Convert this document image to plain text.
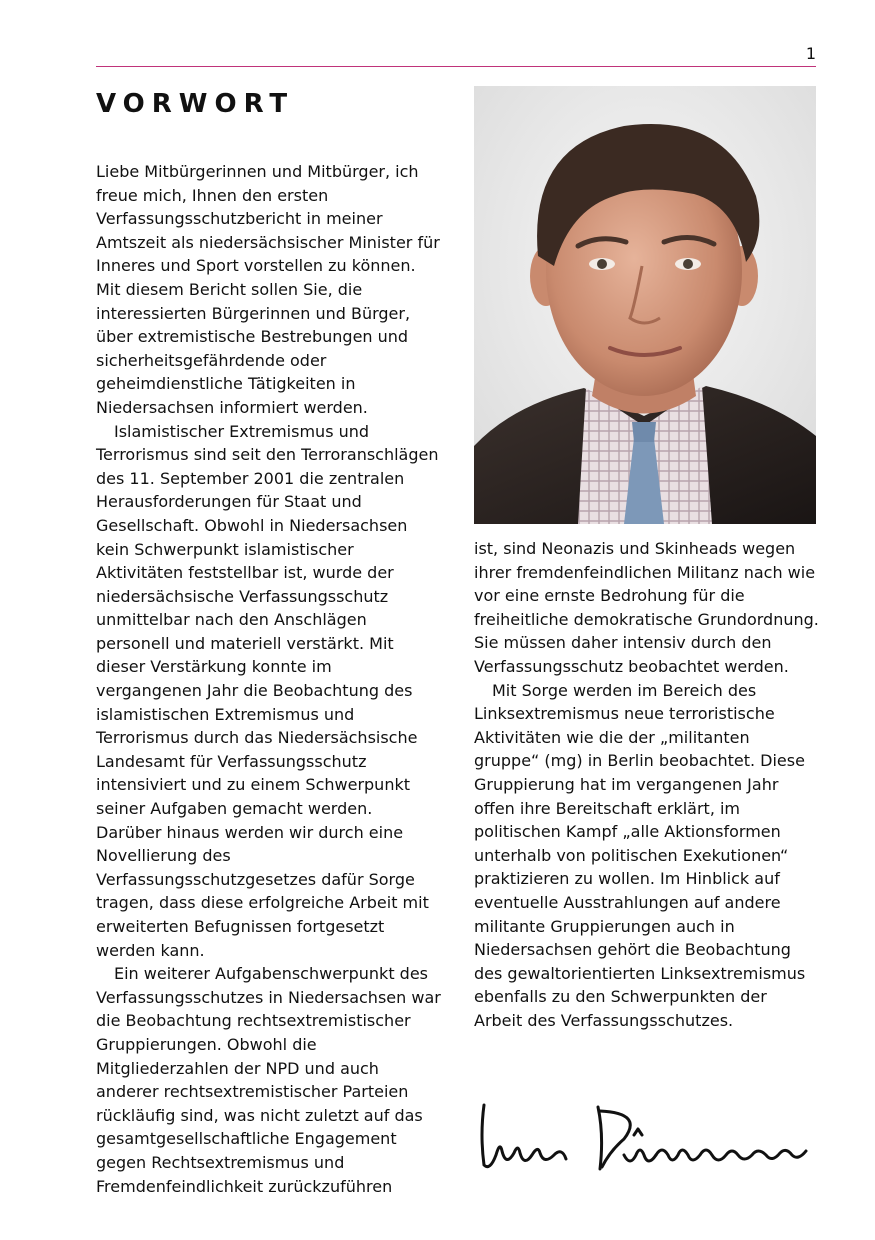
1
VORWORT

Liebe Mitbürgerinnen und Mitbürger, ich freue mich, Ihnen den ersten Verfassungsschutzbericht in meiner Amtszeit als niedersächsischer Minister für Inneres und Sport vorstellen zu können. Mit diesem Bericht sollen Sie, die interessierten Bürgerinnen und Bürger, über extremistische Bestrebungen und sicherheitsgefährdende oder geheimdienstliche Tätigkeiten in Niedersachsen informiert werden.

Islamistischer Extremismus und Terrorismus sind seit den Terroranschlägen des 11. September 2001 die zentralen Herausforderungen für Staat und Gesellschaft. Obwohl in Niedersachsen kein Schwerpunkt islamistischer Aktivitäten feststellbar ist, wurde der niedersächsische Verfassungsschutz unmittelbar nach den Anschlägen personell und materiell verstärkt. Mit dieser Verstärkung konnte im vergangenen Jahr die Beobachtung des islamistischen Extremismus und Terrorismus durch das Niedersächsische Landesamt für Verfassungsschutz intensiviert und zu einem Schwerpunkt seiner Aufgaben gemacht werden. Darüber hinaus werden wir durch eine Novellierung des Verfassungsschutzgesetzes dafür Sorge tragen, dass diese erfolgreiche Arbeit mit erweiterten Befugnissen fortgesetzt werden kann.

Ein weiterer Aufgabenschwerpunkt des Verfassungsschutzes in Niedersachsen war die Beobachtung rechtsextremistischer Gruppierungen. Obwohl die Mitgliederzahlen der NPD und auch anderer rechtsextremistischer Parteien rückläufig sind, was nicht zuletzt auf das gesamtgesellschaftliche Engagement gegen Rechtsextremismus und Fremdenfeindlichkeit zurückzuführen

ist, sind Neonazis und Skinheads wegen ihrer fremdenfeindlichen Militanz nach wie vor eine ernste Bedrohung für die freiheitliche demokratische Grundordnung. Sie müssen daher intensiv durch den Verfassungsschutz beobachtet werden.

Mit Sorge werden im Bereich des Linksextremismus neue terroristische Aktivitäten wie die der „militanten gruppe“ (mg) in Berlin beobachtet. Diese Gruppierung hat im vergangenen Jahr offen ihre Bereitschaft erklärt, im politischen Kampf „alle Aktionsformen unterhalb von politischen Exekutionen“ praktizieren zu wollen. Im Hinblick auf eventuelle Ausstrahlungen auf andere militante Gruppierungen auch in Niedersachsen gehört die Beobachtung des gewaltorientierten Linksextremismus ebenfalls zu den Schwerpunkten der Arbeit des Verfassungsschutzes.
